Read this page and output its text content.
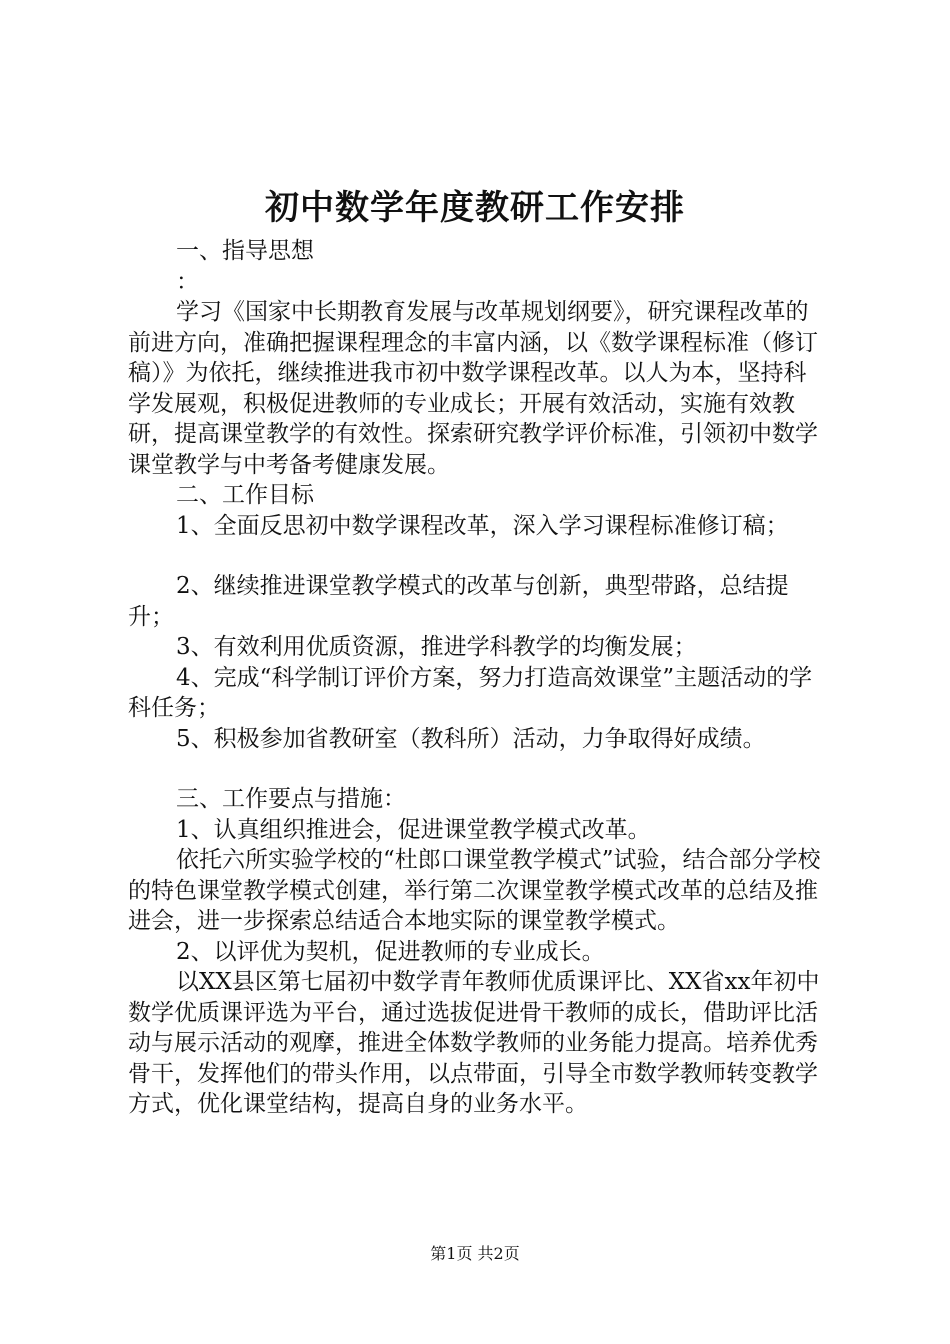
初中数学年度教研工作安排

一、指导思想

：

学习《国家中长期教育发展与改革规划纲要》，研究课程改革的前进方向，准确把握课程理念的丰富内涵，以《数学课程标准（修订稿）》为依托，继续推进我市初中数学课程改革。以人为本，坚持科学发展观，积极促进教师的专业成长；开展有效活动，实施有效教研，提高课堂教学的有效性。探索研究教学评价标准，引领初中数学课堂教学与中考备考健康发展。

二、工作目标

1、全面反思初中数学课程改革，深入学习课程标准修订稿；

2、继续推进课堂教学模式的改革与创新，典型带路，总结提升；

3、有效利用优质资源，推进学科教学的均衡发展；

4、完成“科学制订评价方案，努力打造高效课堂”主题活动的学科任务；

5、积极参加省教研室（教科所）活动，力争取得好成绩。

三、工作要点与措施：

1、认真组织推进会，促进课堂教学模式改革。

依托六所实验学校的“杜郎口课堂教学模式”试验，结合部分学校的特色课堂教学模式创建，举行第二次课堂教学模式改革的总结及推进会，进一步探索总结适合本地实际的课堂教学模式。

2、以评优为契机，促进教师的专业成长。

以XX县区第七届初中数学青年教师优质课评比、XX省xx年初中数学优质课评选为平台，通过选拔促进骨干教师的成长，借助评比活动与展示活动的观摩，推进全体数学教师的业务能力提高。培养优秀骨干，发挥他们的带头作用，以点带面，引导全市数学教师转变教学方式，优化课堂结构，提高自身的业务水平。

第1页 共2页
